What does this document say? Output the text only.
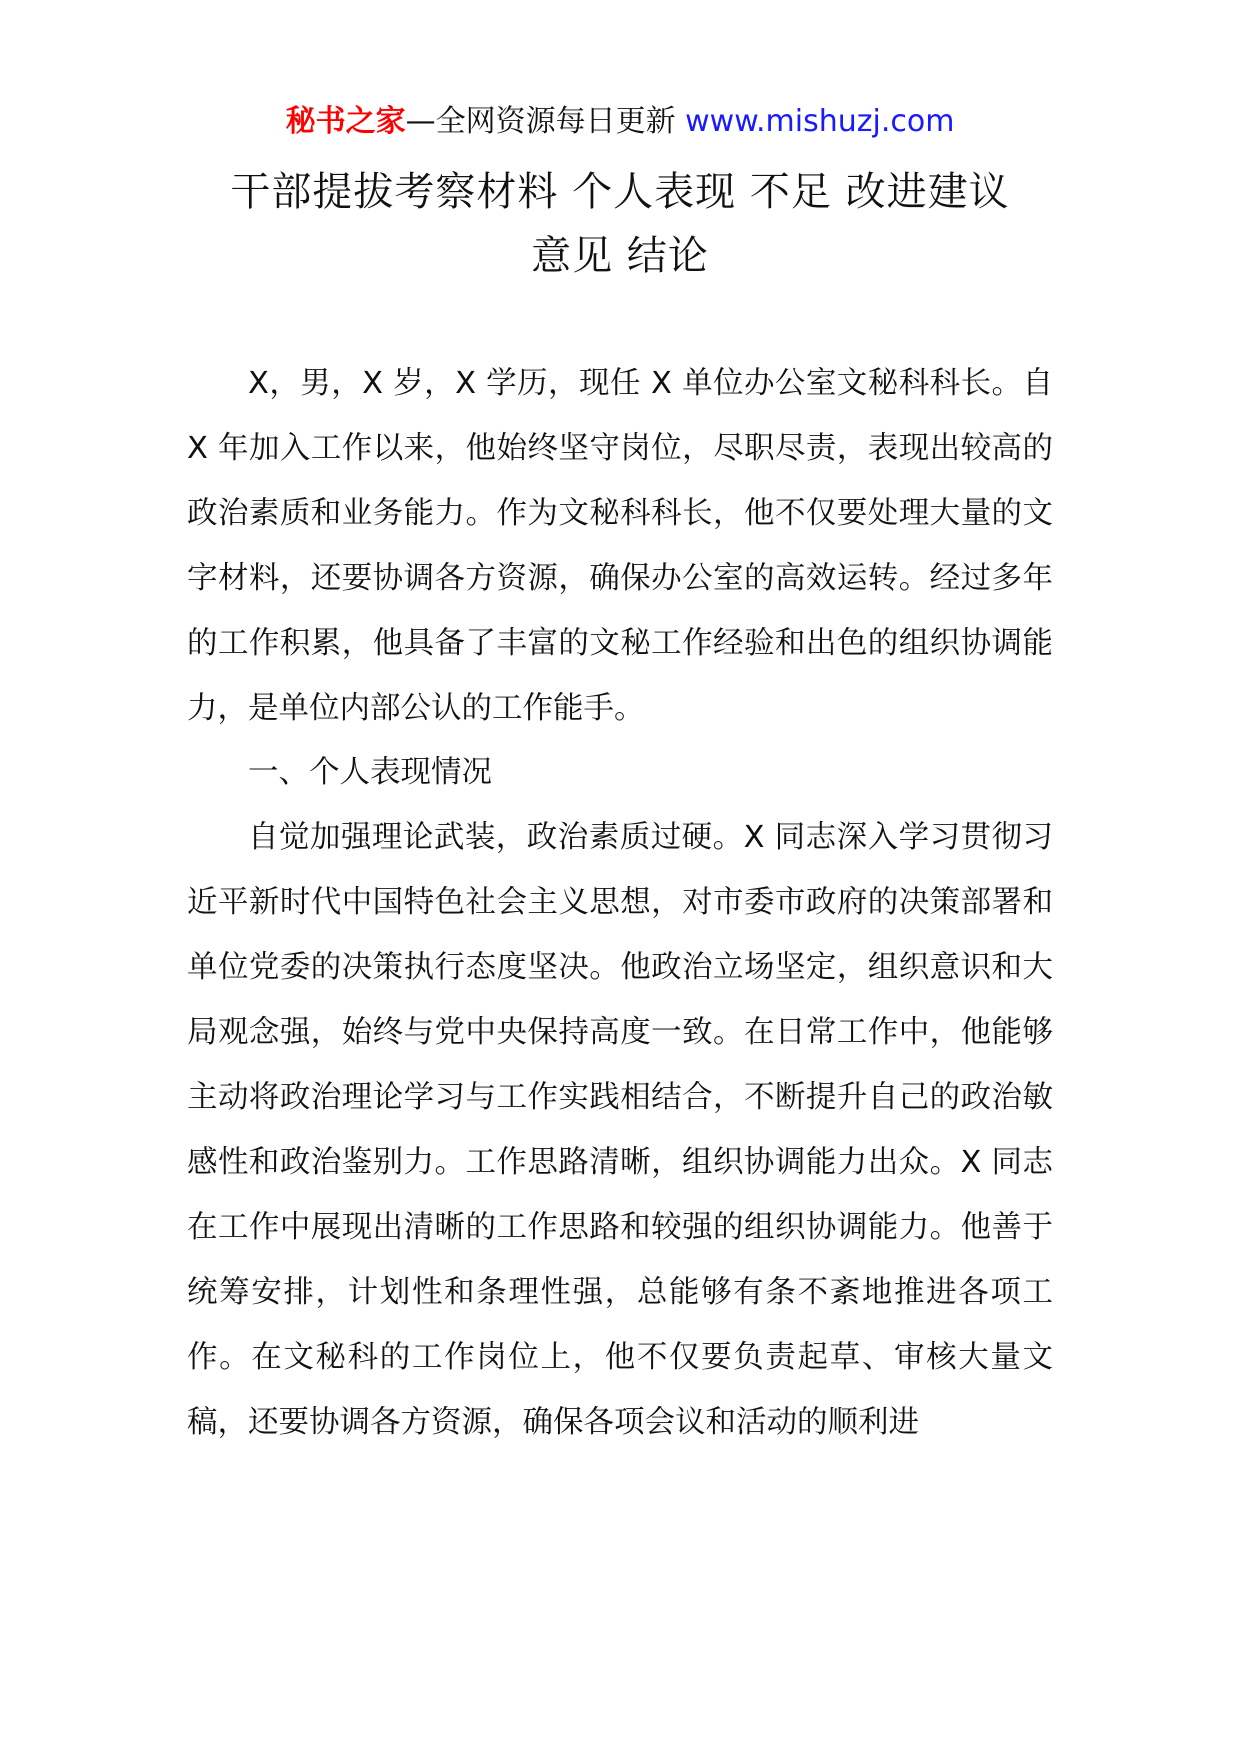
秘书之家—全网资源每日更新 www.mishuzj.com
干部提拔考察材料 个人表现 不足 改进建议
意见 结论

X，男，X 岁，X 学历，现任 X 单位办公室文秘科科长。自 X 年加入工作以来，他始终坚守岗位，尽职尽责，表现出较高的政治素质和业务能力。作为文秘科科长，他不仅要处理大量的文字材料，还要协调各方资源，确保办公室的高效运转。经过多年的工作积累，他具备了丰富的文秘工作经验和出色的组织协调能力，是单位内部公认的工作能手。

一、个人表现情况

自觉加强理论武装，政治素质过硬。X 同志深入学习贯彻习近平新时代中国特色社会主义思想，对市委市政府的决策部署和单位党委的决策执行态度坚决。他政治立场坚定，组织意识和大局观念强，始终与党中央保持高度一致。在日常工作中，他能够主动将政治理论学习与工作实践相结合，不断提升自己的政治敏感性和政治鉴别力。工作思路清晰，组织协调能力出众。X 同志在工作中展现出清晰的工作思路和较强的组织协调能力。他善于统筹安排，计划性和条理性强，总能够有条不紊地推进各项工作。在文秘科的工作岗位上，他不仅要负责起草、审核大量文稿，还要协调各方资源，确保各项会议和活动的顺利进
